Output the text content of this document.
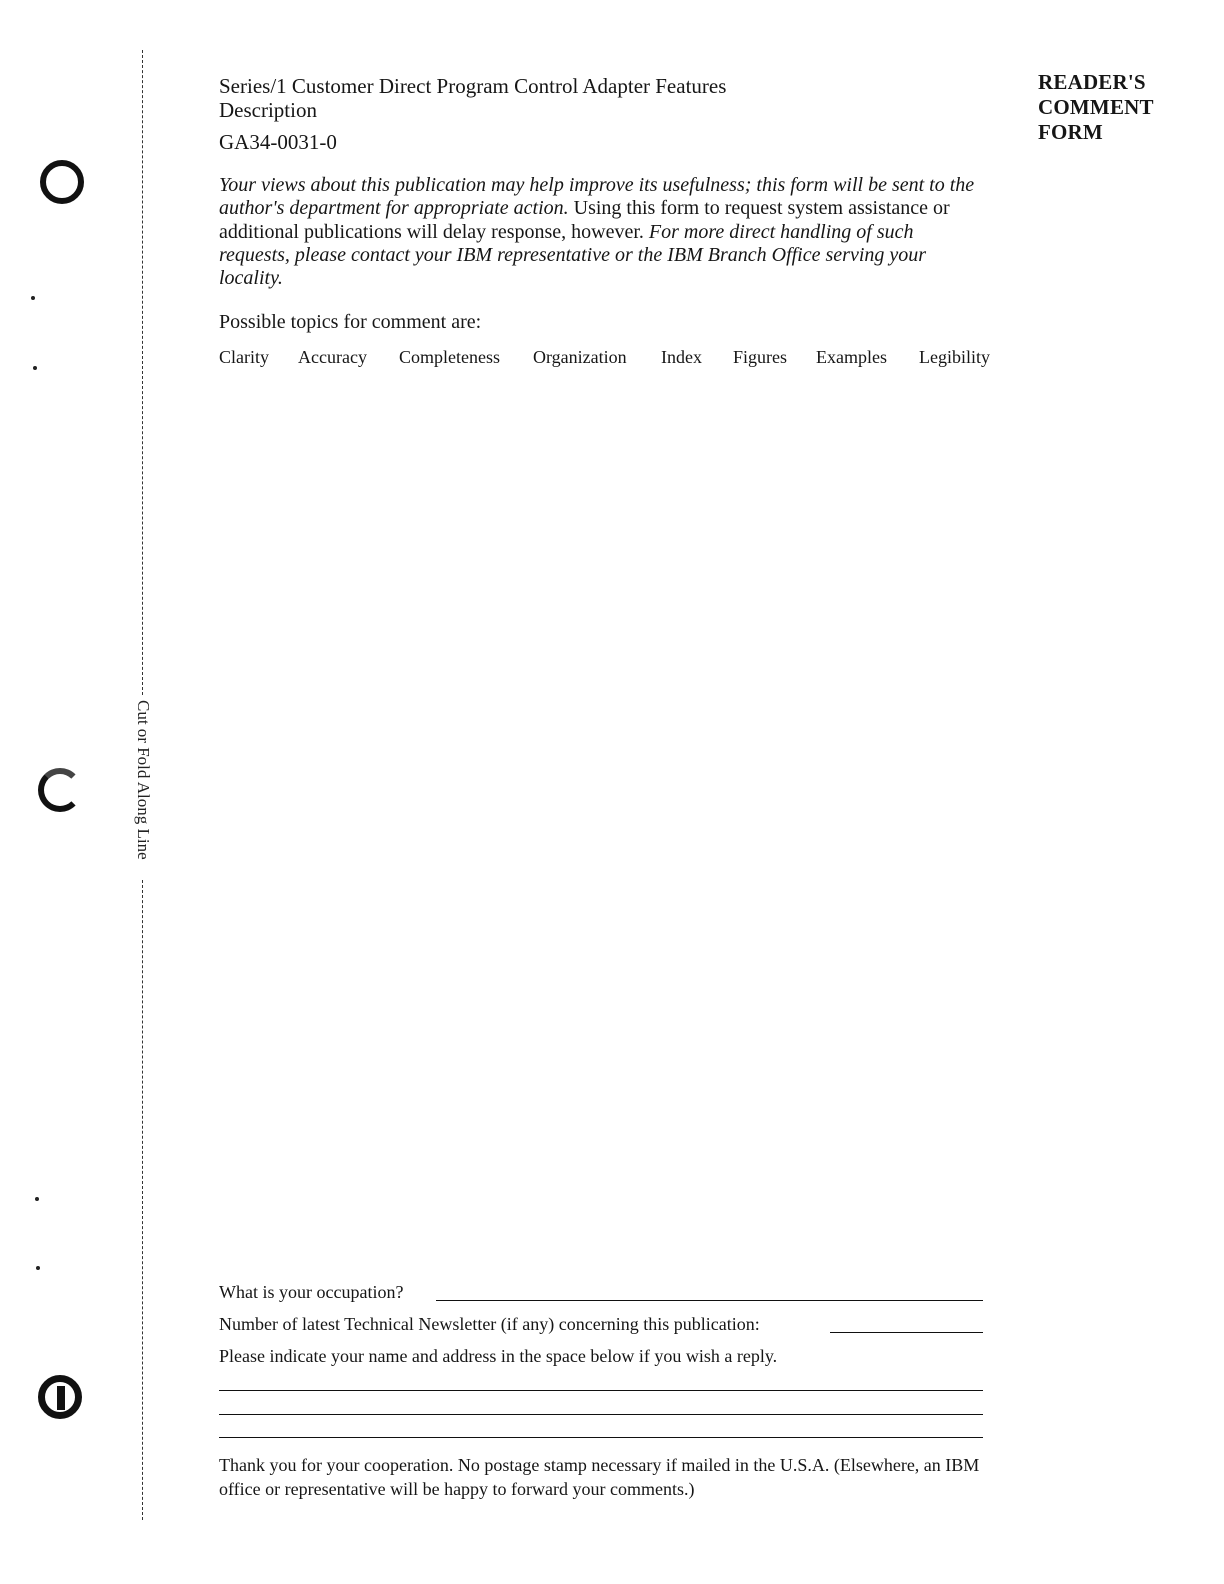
Cut or Fold Along Line
Series/1 Customer Direct Program Control Adapter Features
Description
GA34-0031-0
READER'S
COMMENT
FORM
Your views about this publication may help improve its usefulness; this form will be sent to the author's department for appropriate action. Using this form to request system assistance or additional publications will delay response, however. For more direct handling of such requests, please contact your IBM representative or the IBM Branch Office serving your locality.
Possible topics for comment are:
Clarity Accuracy Completeness Organization Index Figures Examples Legibility
What is your occupation?
Number of latest Technical Newsletter (if any) concerning this publication:
Please indicate your name and address in the space below if you wish a reply.
Thank you for your cooperation. No postage stamp necessary if mailed in the U.S.A. (Elsewhere, an IBM office or representative will be happy to forward your comments.)
